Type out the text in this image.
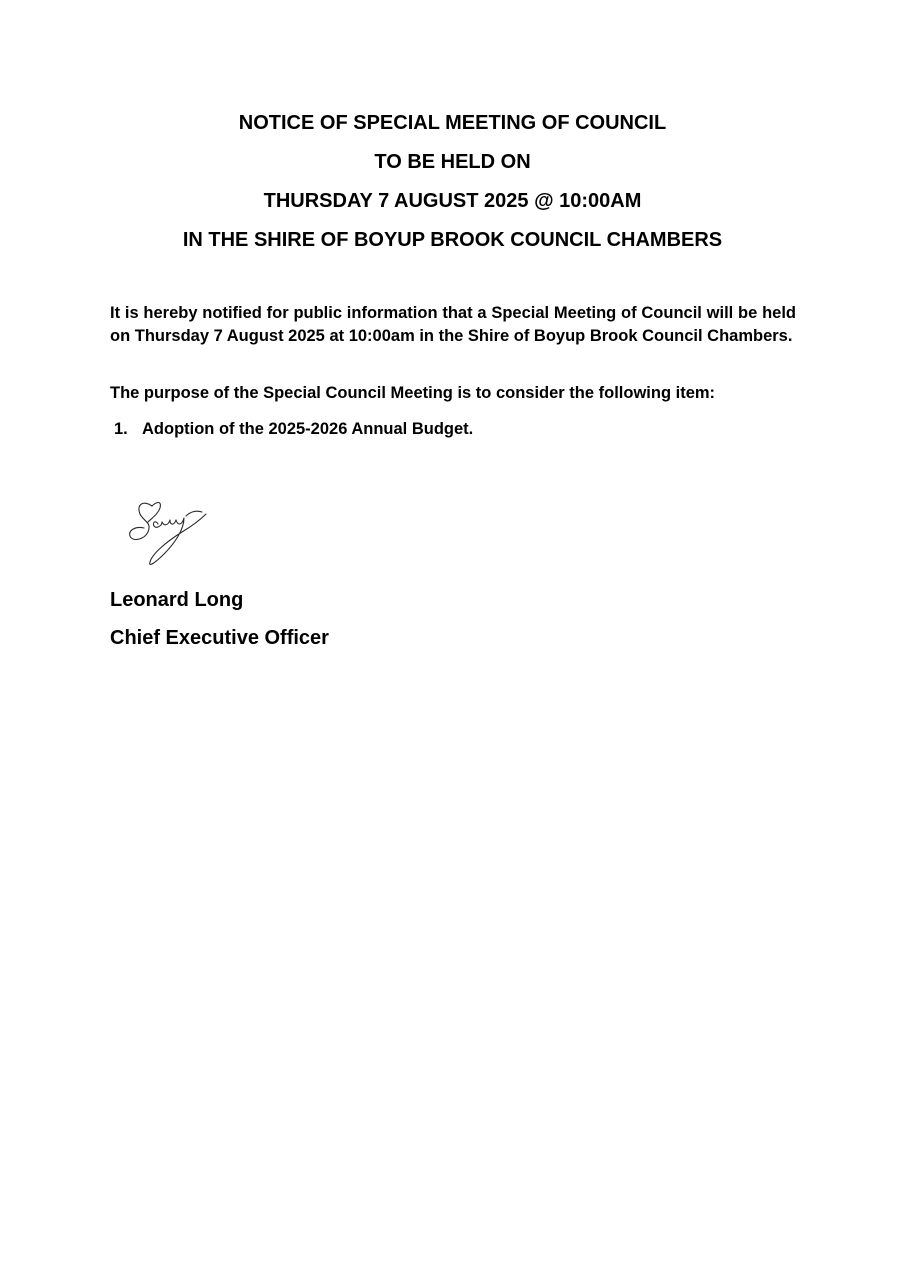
NOTICE OF SPECIAL MEETING OF COUNCIL
TO BE HELD ON
THURSDAY 7 AUGUST 2025 @ 10:00AM
IN THE SHIRE OF BOYUP BROOK COUNCIL CHAMBERS
It is hereby notified for public information that a Special Meeting of Council will be held on Thursday 7 August 2025 at 10:00am in the Shire of Boyup Brook Council Chambers.
The purpose of the Special Council Meeting is to consider the following item:
1. Adoption of the 2025-2026 Annual Budget.
Leonard Long
Chief Executive Officer
